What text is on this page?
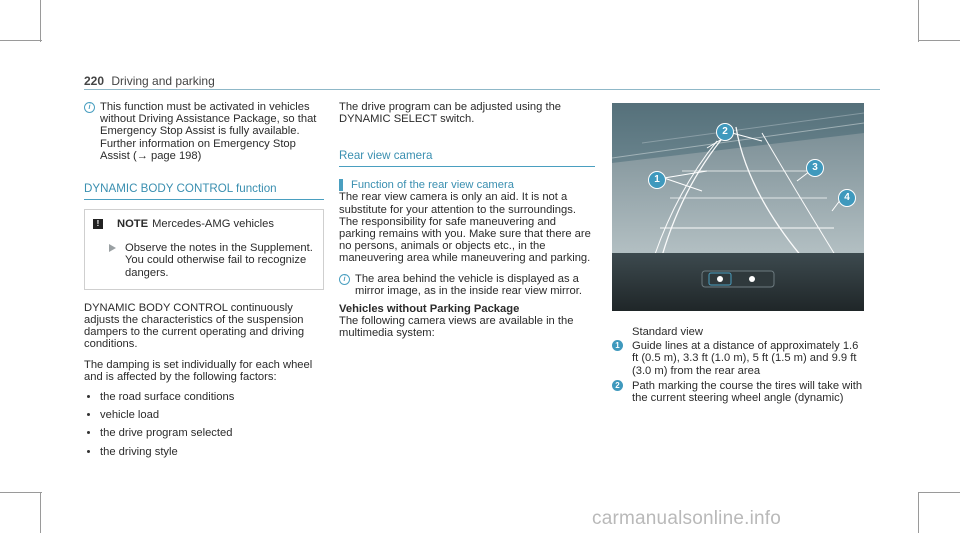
220 Driving and parking
i This function must be activated in vehicles without Driving Assistance Package, so that Emergency Stop Assist is fully available. Further information on Emergency Stop Assist (→ page 198)
DYNAMIC BODY CONTROL function
!	NOTE Mercedes-AMG vehicles
Observe the notes in the Supplement. You could otherwise fail to recognize dangers.

DYNAMIC BODY CONTROL continuously adjusts the characteristics of the suspension dampers to the current operating and driving conditions.

The damping is set individually for each wheel and is affected by the following factors:

the road surface conditions
vehicle load
the drive program selected
the driving style

The drive program can be adjusted using the DYNAMIC SELECT switch.

Rear view camera
Function of the rear view camera

The rear view camera is only an aid. It is not a substitute for your attention to the surroundings. The responsibility for safe maneuvering and parking remains with you. Make sure that there are no persons, animals or objects etc., in the maneuvering area while maneuvering and parking.

i The area behind the vehicle is displayed as a mirror image, as in the inside rear view mirror.
Vehicles without Parking Package

The following camera views are available in the multimedia system:

1
2
3
4
Standard view
1 Guide lines at a distance of approximately 1.6 ft (0.5 m), 3.3 ft (1.0 m), 5 ft (1.5 m) and 9.9 ft (3.0 m) from the rear area
2 Path marking the course the tires will take with the current steering wheel angle (dynamic)
carmanualsonline.info
